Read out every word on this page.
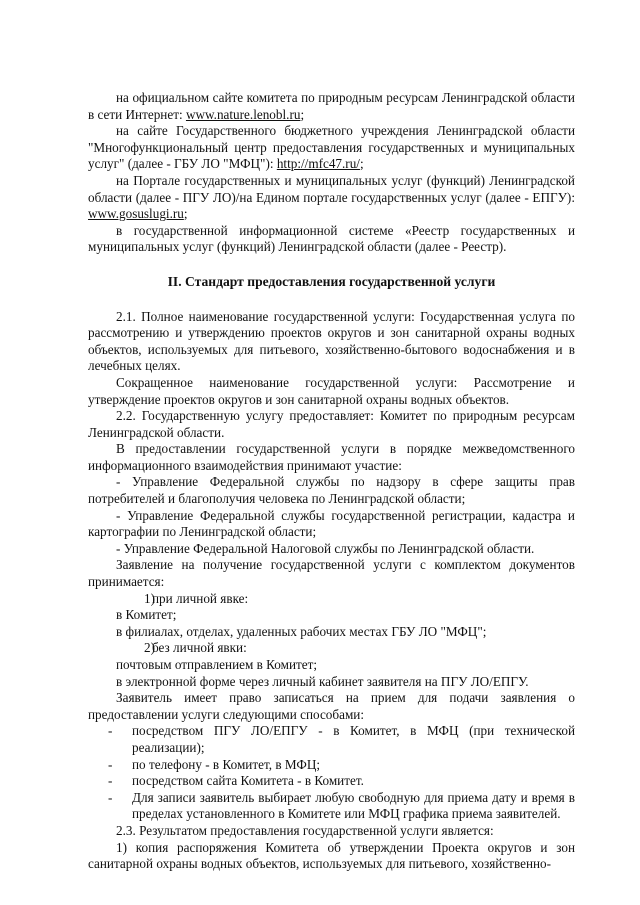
на официальном сайте комитета по природным ресурсам Ленинградской области в сети Интернет: www.nature.lenobl.ru;

на сайте Государственного бюджетного учреждения Ленинградской области "Многофункциональный центр предоставления государственных и муниципальных услуг" (далее - ГБУ ЛО "МФЦ"): http://mfc47.ru/;

на Портале государственных и муниципальных услуг (функций) Ленинградской области (далее - ПГУ ЛО)/на Едином портале государственных услуг (далее - ЕПГУ): www.gosuslugi.ru;

в государственной информационной системе «Реестр государственных и муниципальных услуг (функций) Ленинградской области (далее - Реестр).

II. Стандарт предоставления государственной услуги

2.1. Полное наименование государственной услуги: Государственная услуга по рассмотрению и утверждению проектов округов и зон санитарной охраны водных объектов, используемых для питьевого, хозяйственно-бытового водоснабжения и в лечебных целях.

Сокращенное наименование государственной услуги: Рассмотрение и утверждение проектов округов и зон санитарной охраны водных объектов.

2.2. Государственную услугу предоставляет: Комитет по природным ресурсам Ленинградской области.

В предоставлении государственной услуги в порядке межведомственного информационного взаимодействия принимают участие:

- Управление Федеральной службы по надзору в сфере защиты прав потребителей и благополучия человека по Ленинградской области;

- Управление Федеральной службы государственной регистрации, кадастра и картографии по Ленинградской области;

- Управление Федеральной Налоговой службы по Ленинградской области.

Заявление на получение государственной услуги с комплектом документов принимается:

1)при личной явке:

в Комитет;

в филиалах, отделах, удаленных рабочих местах ГБУ ЛО "МФЦ";

2)без личной явки:

почтовым отправлением в Комитет;

в электронной форме через личный кабинет заявителя на ПГУ ЛО/ЕПГУ.

Заявитель имеет право записаться на прием для подачи заявления о предоставлении услуги следующими способами:

-	посредством ПГУ ЛО/ЕПГУ - в Комитет, в МФЦ (при технической реализации);
-	по телефону - в Комитет, в МФЦ;
-	посредством сайта Комитета - в Комитет.
-	Для записи заявитель выбирает любую свободную для приема дату и время в пределах установленного в Комитете или МФЦ графика приема заявителей.

2.3. Результатом предоставления государственной услуги является:

1) копия распоряжения Комитета об утверждении Проекта округов и зон санитарной охраны водных объектов, используемых для питьевого, хозяйственно-
